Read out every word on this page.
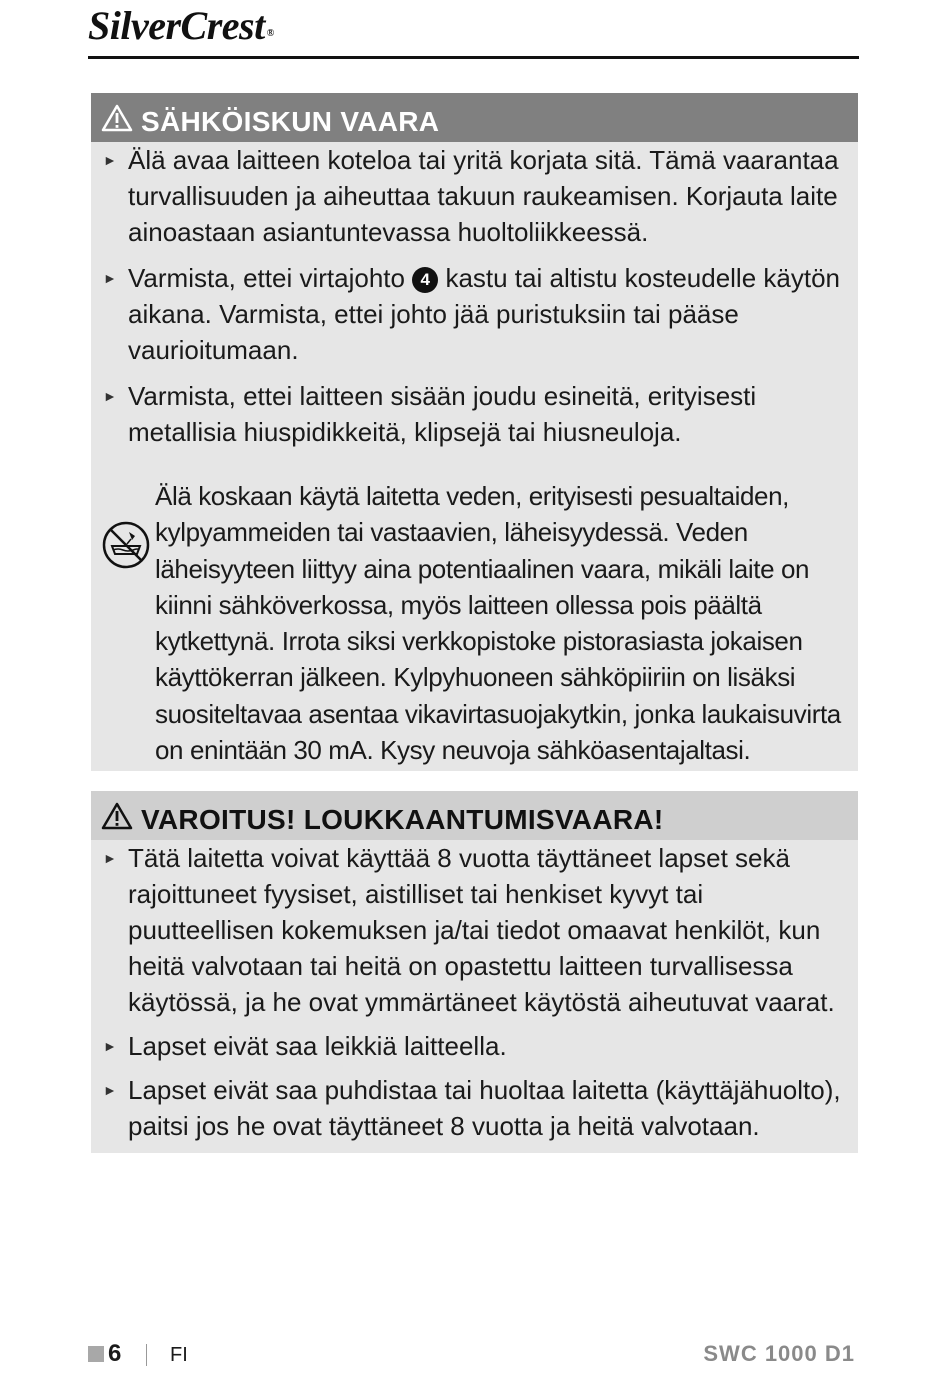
SilverCrest ®
SÄHKÖISKUN VAARA
► Älä avaa laitteen koteloa tai yritä korjata sitä. Tämä vaarantaa turvallisuuden ja aiheuttaa takuun raukeamisen. Korjauta laite ainoastaan asiantuntevassa huoltoliikkeessä.
► Varmista, ettei virtajohto 4 kastu tai altistu kosteudelle käytön aikana. Varmista, ettei johto jää puristuksiin tai pääse vaurioitumaan.
► Varmista, ettei laitteen sisään joudu esineitä, erityisesti metallisia hiuspidikkeitä, klipsejä tai hiusneuloja.
Älä koskaan käytä laitetta veden, erityisesti pesualtaiden, kylpyammeiden tai vastaavien, läheisyydessä. Veden läheisyyteen liittyy aina potentiaalinen vaara, mikäli laite on kiinni sähköverkossa, myös laitteen ollessa pois päältä kytkettynä. Irrota siksi verkkopistoke pistorasiasta jokaisen käyttökerran jälkeen. Kylpyhuoneen sähköpiiriin on lisäksi suositeltavaa asentaa vikavirtasuojakytkin, jonka laukaisuvirta on enintään 30 mA. Kysy neuvoja sähköasentajaltasi.
VAROITUS! LOUKKAANTUMISVAARA!
► Tätä laitetta voivat käyttää 8 vuotta täyttäneet lapset sekä rajoittuneet fyysiset, aistilliset tai henkiset kyvyt tai puutteellisen kokemuksen ja/tai tiedot omaavat henkilöt, kun heitä valvotaan tai heitä on opastettu laitteen turvallisessa käytössä, ja he ovat ymmärtäneet käytöstä aiheutuvat vaarat.
► Lapset eivät saa leikkiä laitteella.
► Lapset eivät saa puhdistaa tai huoltaa laitetta (käyttäjähuolto), paitsi jos he ovat täyttäneet 8 vuotta ja heitä valvotaan.
6 FI	SWC 1000 D1
